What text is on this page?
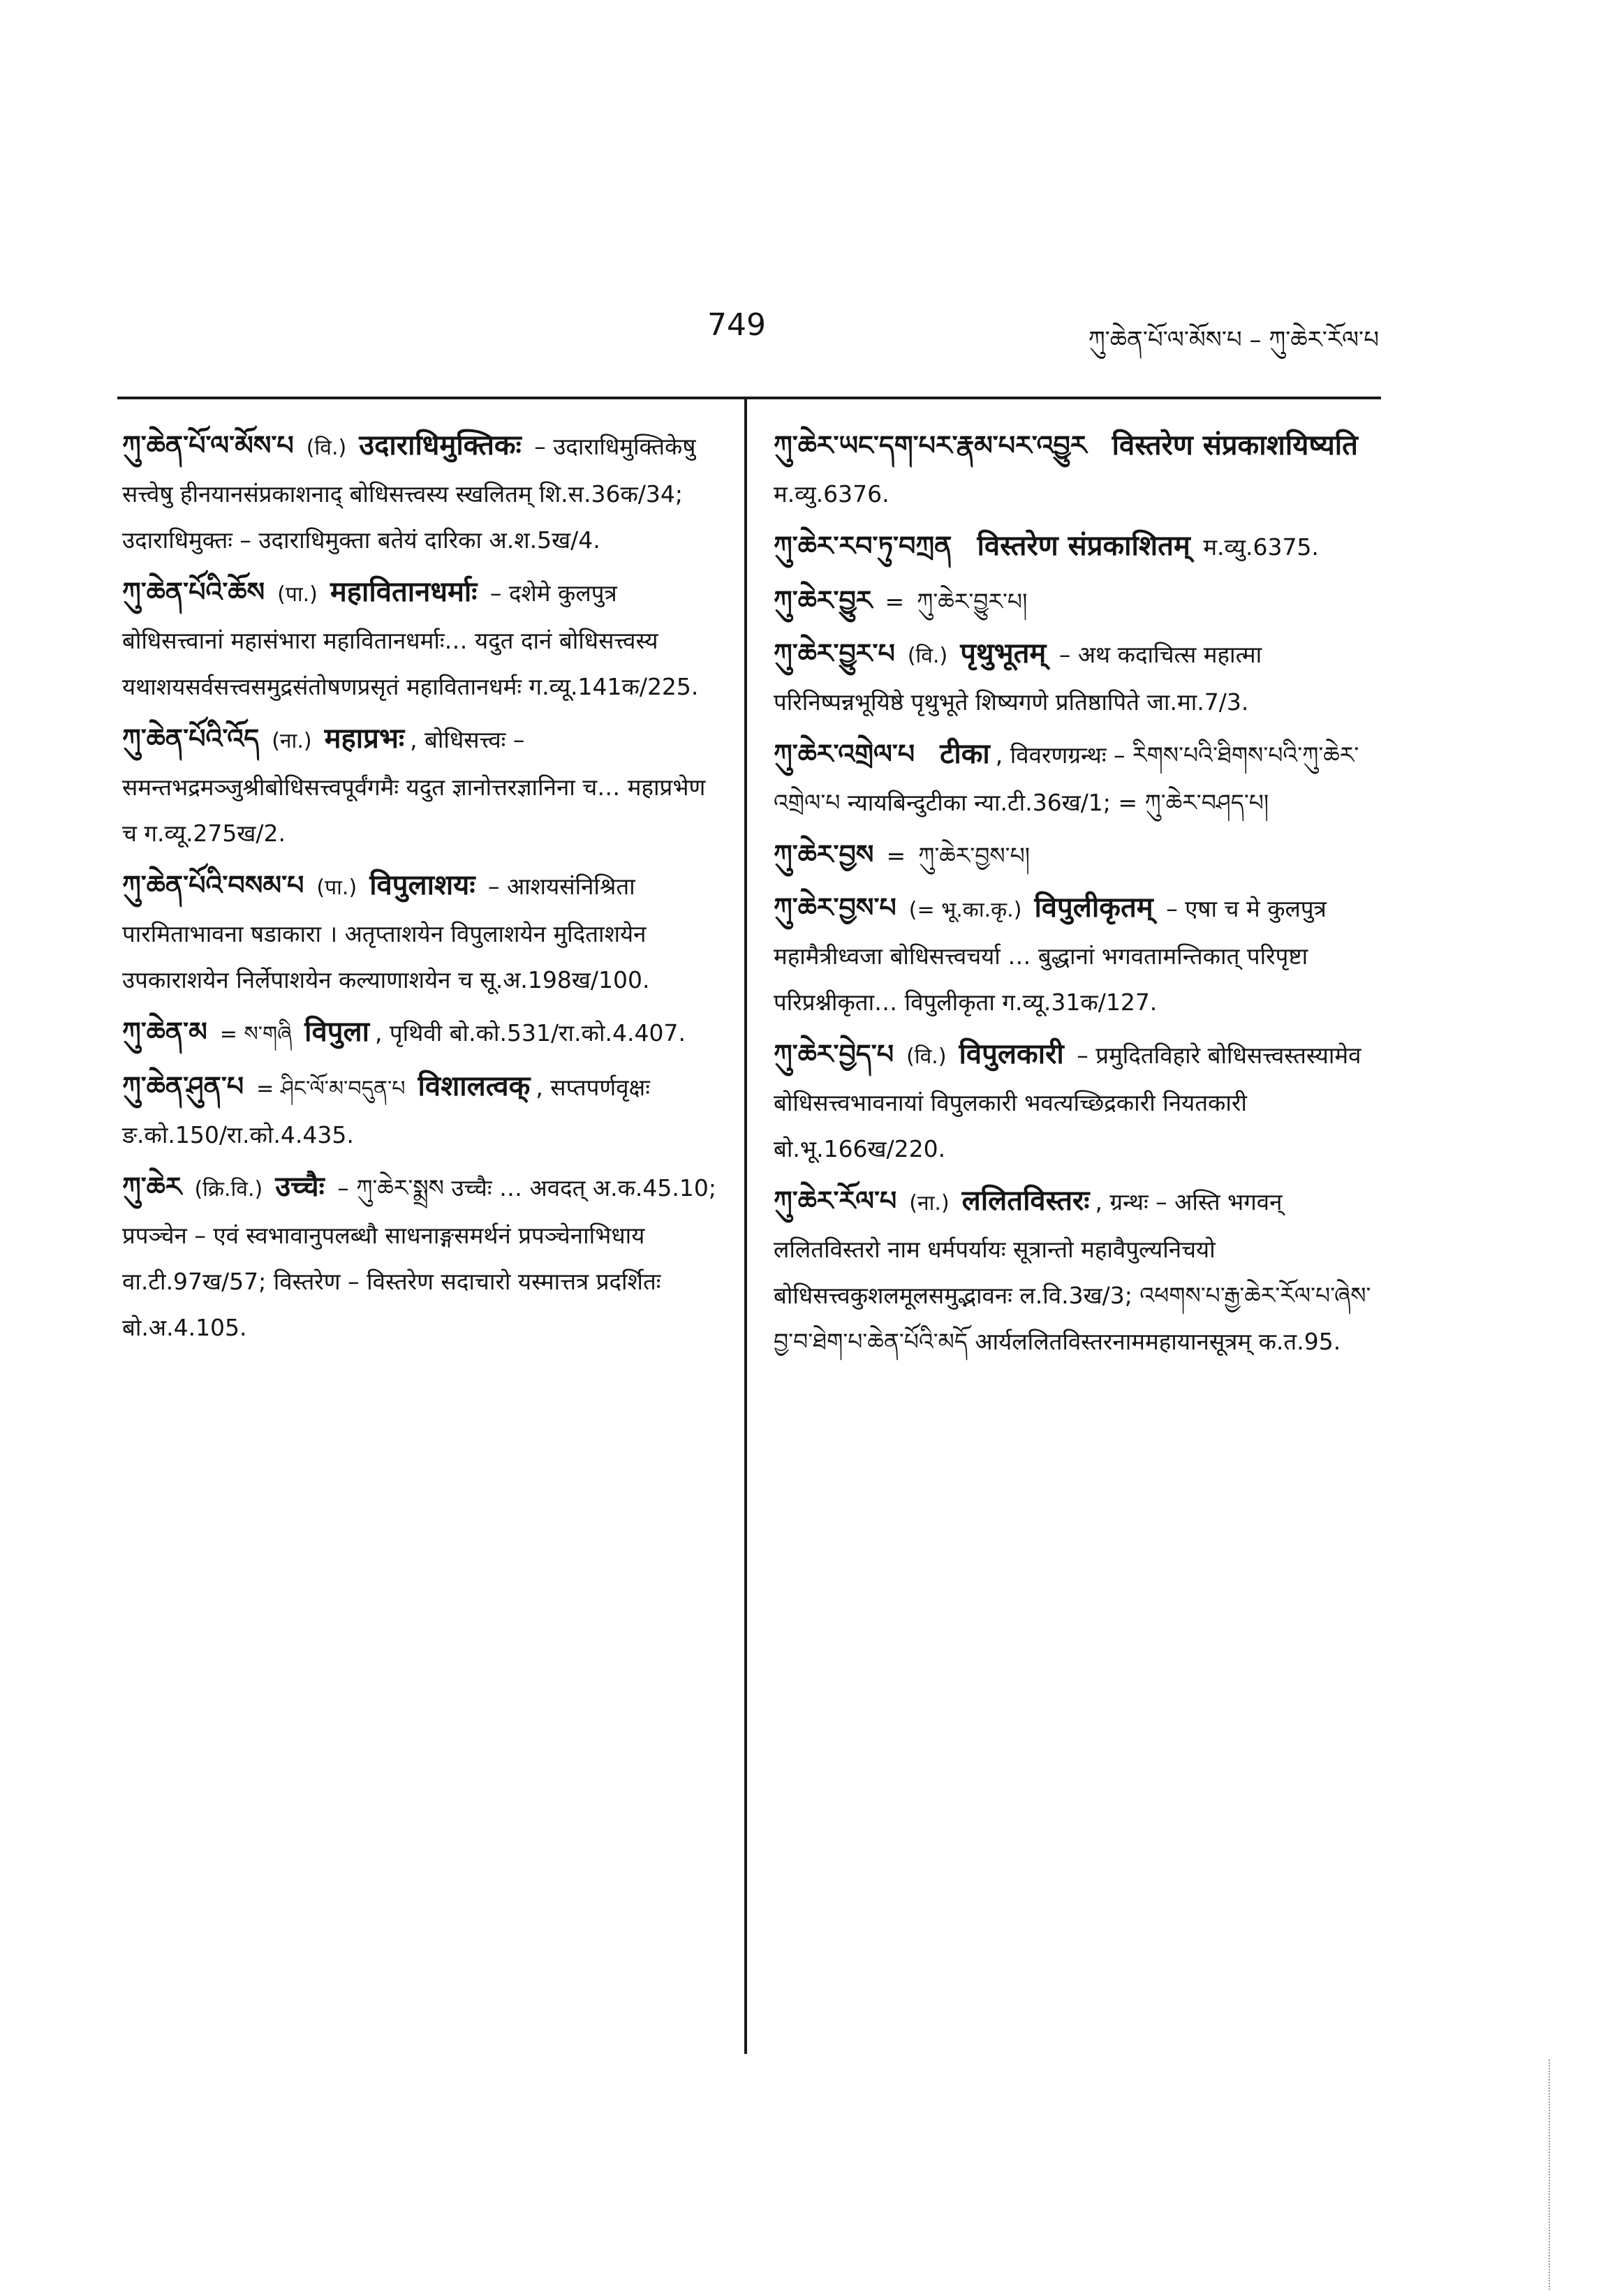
749	ཀུ་ཆེན་པོ་ལ་མོས་པ – ཀུ་ཆེར་རོལ་པ
ཀུ་ཆེན་པོ་ལ་མོས་པ (वि.) उदाराधिमुक्तिकः – उदाराधिमुक्तिकेषु सत्त्वेषु हीनयानसंप्रकाशनाद् बोधिसत्त्वस्य स्खलितम् शि.स.36क/34; उदाराधिमुक्तः – उदाराधिमुक्ता बतेयं दारिका अ.श.5ख/4.
ཀུ་ཆེན་པོའི་ཆོས (पा.) महावितानधर्माः – दशेमे कुलपुत्र बोधिसत्त्वानां महासंभारा महावितानधर्माः… यदुत दानं बोधिसत्त्वस्य यथाशयसर्वसत्त्वसमुद्रसंतोषणप्रसृतं महावितानधर्मः ग.व्यू.141क/225.
ཀུ་ཆེན་པོའི་འོད (ना.) महाप्रभः , बोधिसत्त्वः – समन्तभद्रमञ्जुश्रीबोधिसत्त्वपूर्वंगमैः यदुत ज्ञानोत्तरज्ञानिना च… महाप्रभेण च ग.व्यू.275ख/2.
ཀུ་ཆེན་པོའི་བསམ་པ (पा.) विपुलाशयः – आशयसंनिश्रिता पारमिताभावना षडाकारा । अतृप्ताशयेन विपुलाशयेन मुदिताशयेन उपकाराशयेन निर्लेपाशयेन कल्याणाशयेन च सू.अ.198ख/100.
ཀུ་ཆེན་མ = ས་གཞི विपुला , पृथिवी बो.को.531/रा.को.4.407.
ཀུ་ཆེན་ཤུན་པ = ཤིང་ལོ་མ་བདུན་པ विशालत्वक् , सप्तपर्णवृक्षः ङ.को.150/रा.को.4.435.
ཀུ་ཆེར (क्रि.वि.) उच्चैः – ཀུ་ཆེར་སྨྲས उच्चैः … अवदत् अ.क.45.10; प्रपञ्चेन – एवं स्वभावानुपलब्धौ साधनाङ्गसमर्थनं प्रपञ्चेनाभिधाय वा.टी.97ख/57; विस्तरेण – विस्तरेण सदाचारो यस्मात्तत्र प्रदर्शितः बो.अ.4.105.
ཀུ་ཆེར་ཡང་དག་པར་རྣམ་པར་འབྱུར विस्तरेण संप्रकाशयिष्यति म.व्यु.6376.
ཀུ་ཆེར་རབ་ཏུ་བཀྲན विस्तरेण संप्रकाशितम् म.व्यु.6375.
ཀུ་ཆེར་བྱུར = ཀུ་ཆེར་བྱུར་པ།
ཀུ་ཆེར་བྱུར་པ (वि.) पृथुभूतम् – अथ कदाचित्स महात्मा परिनिष्पन्नभूयिष्ठे पृथुभूते शिष्यगणे प्रतिष्ठापिते जा.मा.7/3.
ཀུ་ཆེར་འགྲེལ་པ टीका , विवरणग्रन्थः – རིགས་པའི་ཐིགས་པའི་ཀུ་ཆེར་འགྲེལ་པ न्यायबिन्दुटीका न्या.टी.36ख/1; = ཀུ་ཆེར་བཤད་པ།
ཀུ་ཆེར་བྱས = ཀུ་ཆེར་བྱས་པ།
ཀུ་ཆེར་བྱས་པ (= भू.का.कृ.) विपुलीकृतम् – एषा च मे कुलपुत्र महामैत्रीध्वजा बोधिसत्त्वचर्या … बुद्धानां भगवतामन्तिकात् परिपृष्टा परिप्रश्नीकृता… विपुलीकृता ग.व्यू.31क/127.
ཀུ་ཆེར་བྱེད་པ (वि.) विपुलकारी – प्रमुदितविहारे बोधिसत्त्वस्तस्यामेव बोधिसत्त्वभावनायां विपुलकारी भवत्यच्छिद्रकारी नियतकारी बो.भू.166ख/220.
ཀུ་ཆེར་རོལ་པ (ना.) ललितविस्तरः , ग्रन्थः – अस्ति भगवन् ललितविस्तरो नाम धर्मपर्यायः सूत्रान्तो महावैपुल्यनिचयो बोधिसत्त्वकुशलमूलसमुद्भावनः ल.वि.3ख/3; འཕགས་པ་རྒྱ་ཆེར་རོལ་པ་ཞེས་བྱ་བ་ཐེག་པ་ཆེན་པོའི་མདོ आर्यललितविस्तरनाममहायानसूत्रम् क.त.95.
